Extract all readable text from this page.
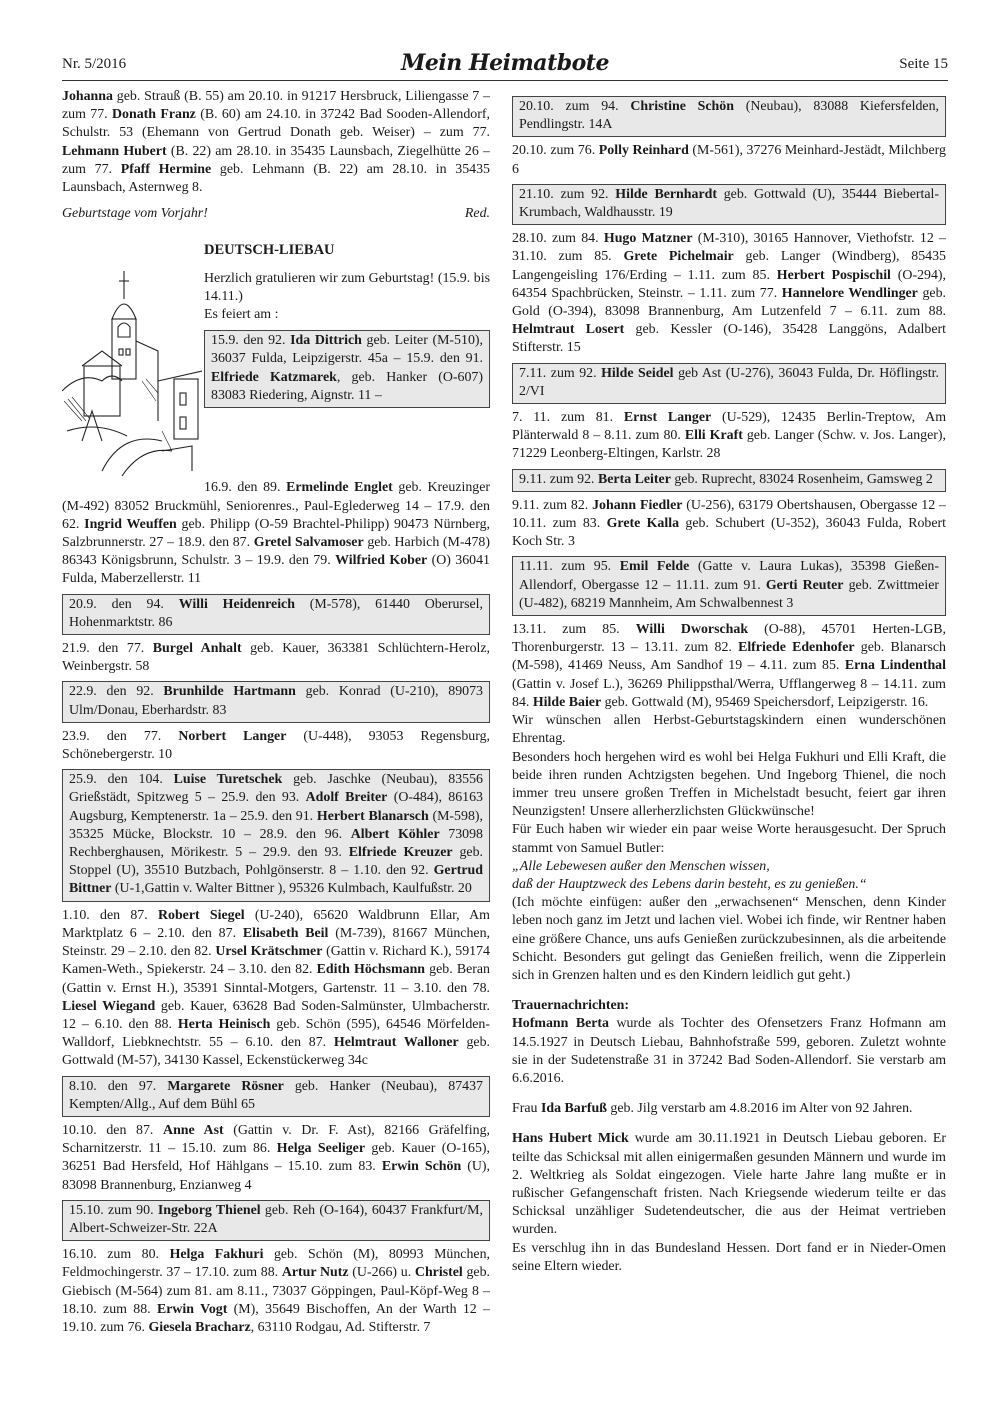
Nr. 5/2016	Mein Heimatbote	Seite 15

Johanna geb. Strauß (B. 55) am 20.10. in 91217 Hersbruck, Liliengasse 7 – zum 77. Donath Franz (B. 60) am 24.10. in 37242 Bad Sooden-Allendorf, Schulstr. 53 (Ehemann von Gertrud Donath geb. Weiser) – zum 77. Lehmann Hubert (B. 22) am 28.10. in 35435 Launsbach, Ziegelhütte 26 – zum 77. Pfaff Hermine geb. Lehmann (B. 22) am 28.10. in 35435 Launsbach, Asternweg 8.

Geburtstage vom Vorjahr!	Red.
DEUTSCH-LIEBAU

Herzlich gratulieren wir zum Geburtstag! (15.9. bis 14.11.)

Es feiert am :

15.9. den 92. Ida Dittrich geb. Leiter (M-510), 36037 Fulda, Leipzigerstr. 45a – 15.9. den 91. Elfriede Katzmarek, geb. Hanker (O-607) 83083 Riedering, Aignstr. 11 –

16.9. den 89. Ermelinde Englet geb. Kreuzinger (M-492) 83052 Bruckmühl, Seniorenres., Paul-Eglederweg 14 – 17.9. den 62. Ingrid Weuffen geb. Philipp (O-59 Brachtel-Philipp) 90473 Nürnberg, Salzbrunnerstr. 27 – 18.9. den 87. Gretel Salvamoser geb. Harbich (M-478) 86343 Königsbrunn, Schulstr. 3 – 19.9. den 79. Wilfried Kober (O) 36041 Fulda, Maberzellerstr. 11

20.9. den 94. Willi Heidenreich (M-578), 61440 Oberursel, Hohenmarktstr. 86

21.9. den 77. Burgel Anhalt geb. Kauer, 363381 Schlüchtern-Herolz, Weinbergstr. 58

22.9. den 92. Brunhilde Hartmann geb. Konrad (U-210), 89073 Ulm/Donau, Eberhardstr. 83

23.9. den 77. Norbert Langer (U-448), 93053 Regensburg, Schönebergerstr. 10

25.9. den 104. Luise Turetschek geb. Jaschke (Neubau), 83556 Grießstädt, Spitzweg 5 – 25.9. den 93. Adolf Breiter (O-484), 86163 Augsburg, Kemptenerstr. 1a – 25.9. den 91. Herbert Blanarsch (M-598), 35325 Mücke, Blockstr. 10 – 28.9. den 96. Albert Köhler 73098 Rechberghausen, Mörikestr. 5 – 29.9. den 93. Elfriede Kreuzer geb. Stoppel (U), 35510 Butzbach, Pohlgönserstr. 8 – 1.10. den 92. Gertrud Bittner (U-1,Gattin v. Walter Bittner ), 95326 Kulmbach, Kaulfußstr. 20

1.10. den 87. Robert Siegel (U-240), 65620 Waldbrunn Ellar, Am Marktplatz 6 – 2.10. den 87. Elisabeth Beil (M-739), 81667 München, Steinstr. 29 – 2.10. den 82. Ursel Krätschmer (Gattin v. Richard K.), 59174 Kamen-Weth., Spiekerstr. 24 – 3.10. den 82. Edith Höchsmann geb. Beran (Gattin v. Ernst H.), 35391 Sinntal-Motgers, Gartenstr. 11 – 3.10. den 78. Liesel Wiegand geb. Kauer, 63628 Bad Soden-Salmünster, Ulmbacherstr. 12 – 6.10. den 88. Herta Heinisch geb. Schön (595), 64546 Mörfelden-Walldorf, Liebknechtstr. 55 – 6.10. den 87. Helmtraut Walloner geb. Gottwald (M-57), 34130 Kassel, Eckenstückerweg 34c

8.10. den 97. Margarete Rösner geb. Hanker (Neubau), 87437 Kempten/Allg., Auf dem Bühl 65

10.10. den 87. Anne Ast (Gattin v. Dr. F. Ast), 82166 Gräfelfing, Scharnitzerstr. 11 – 15.10. zum 86. Helga Seeliger geb. Kauer (O-165), 36251 Bad Hersfeld, Hof Hählgans – 15.10. zum 83. Erwin Schön (U), 83098 Brannenburg, Enzianweg 4

15.10. zum 90. Ingeborg Thienel geb. Reh (O-164), 60437 Frankfurt/M, Albert-Schweizer-Str. 22A

16.10. zum 80. Helga Fakhuri geb. Schön (M), 80993 München, Feldmochingerstr. 37 – 17.10. zum 88. Artur Nutz (U-266) u. Christel geb. Giebisch (M-564) zum 81. am 8.11., 73037 Göppingen, Paul-Köpf-Weg 8 – 18.10. zum 88. Erwin Vogt (M), 35649 Bischoffen, An der Warth 12 – 19.10. zum 76. Giesela Bracharz, 63110 Rodgau, Ad. Stifterstr. 7

20.10. zum 94. Christine Schön (Neubau), 83088 Kiefersfelden, Pendlingstr. 14A

20.10. zum 76. Polly Reinhard (M-561), 37276 Meinhard-Jestädt, Milchberg 6

21.10. zum 92. Hilde Bernhardt geb. Gottwald (U), 35444 Biebertal-Krumbach, Waldhausstr. 19

28.10. zum 84. Hugo Matzner (M-310), 30165 Hannover, Viethofstr. 12 – 31.10. zum 85. Grete Pichelmair geb. Langer (Windberg), 85435 Langengeisling 176/Erding – 1.11. zum 85. Herbert Pospischil (O-294), 64354 Spachbrücken, Steinstr. – 1.11. zum 77. Hannelore Wendlinger geb. Gold (O-394), 83098 Brannenburg, Am Lutzenfeld 7 – 6.11. zum 88. Helmtraut Losert geb. Kessler (O-146), 35428 Langgöns, Adalbert Stifterstr. 15

7.11. zum 92. Hilde Seidel geb Ast (U-276), 36043 Fulda, Dr. Höflingstr. 2/VI

7. 11. zum 81. Ernst Langer (U-529), 12435 Berlin-Treptow, Am Plänterwald 8 – 8.11. zum 80. Elli Kraft geb. Langer (Schw. v. Jos. Langer), 71229 Leonberg-Eltingen, Karlstr. 28

9.11. zum 92. Berta Leiter geb. Ruprecht, 83024 Rosenheim, Gamsweg 2

9.11. zum 82. Johann Fiedler (U-256), 63179 Obertshausen, Obergasse 12 – 10.11. zum 83. Grete Kalla geb. Schubert (U-352), 36043 Fulda, Robert Koch Str. 3

11.11. zum 95. Emil Felde (Gatte v. Laura Lukas), 35398 Gießen-Allendorf, Obergasse 12 – 11.11. zum 91. Gerti Reuter geb. Zwittmeier (U-482), 68219 Mannheim, Am Schwalbennest 3

13.11. zum 85. Willi Dworschak (O-88), 45701 Herten-LGB, Thorenburgerstr. 13 – 13.11. zum 82. Elfriede Edenhofer geb. Blanarsch (M-598), 41469 Neuss, Am Sandhof 19 – 4.11. zum 85. Erna Lindenthal (Gattin v. Josef L.), 36269 Philippsthal/Werra, Ufflangerweg 8 – 14.11. zum 84. Hilde Baier geb. Gottwald (M), 95469 Speichersdorf, Leipzigerstr. 16.

Wir wünschen allen Herbst-Geburtstagskindern einen wunderschönen Ehrentag.

Besonders hoch hergehen wird es wohl bei Helga Fukhuri und Elli Kraft, die beide ihren runden Achtzigsten begehen. Und Ingeborg Thienel, die noch immer treu unsere großen Treffen in Michelstadt besucht, feiert gar ihren Neunzigsten! Unsere allerherzlichsten Glückwünsche!

Für Euch haben wir wieder ein paar weise Worte herausgesucht. Der Spruch stammt von Samuel Butler:

„Alle Lebewesen außer den Menschen wissen,

daß der Hauptzweck des Lebens darin besteht, es zu genießen.“

(Ich möchte einfügen: außer den „erwachsenen“ Menschen, denn Kinder leben noch ganz im Jetzt und lachen viel. Wobei ich finde, wir Rentner haben eine größere Chance, uns aufs Genießen zurückzubesinnen, als die arbeitende Schicht. Besonders gut gelingt das Genießen freilich, wenn die Zipperlein sich in Grenzen halten und es den Kindern leidlich gut geht.)

Trauernachrichten:

Hofmann Berta wurde als Tochter des Ofensetzers Franz Hofmann am 14.5.1927 in Deutsch Liebau, Bahnhofstraße 599, geboren. Zuletzt wohnte sie in der Sudetenstraße 31 in 37242 Bad Soden-Allendorf. Sie verstarb am 6.6.2016.

Frau Ida Barfuß geb. Jilg verstarb am 4.8.2016 im Alter von 92 Jahren.

Hans Hubert Mick wurde am 30.11.1921 in Deutsch Liebau geboren. Er teilte das Schicksal mit allen einigermaßen gesunden Männern und wurde im 2. Weltkrieg als Soldat eingezogen. Viele harte Jahre lang mußte er in rußischer Gefangenschaft fristen. Nach Kriegsende wiederum teilte er das Schicksal unzähliger Sudetendeutscher, die aus der Heimat vertrieben wurden.

Es verschlug ihn in das Bundesland Hessen. Dort fand er in Nieder-Omen seine Eltern wieder.
